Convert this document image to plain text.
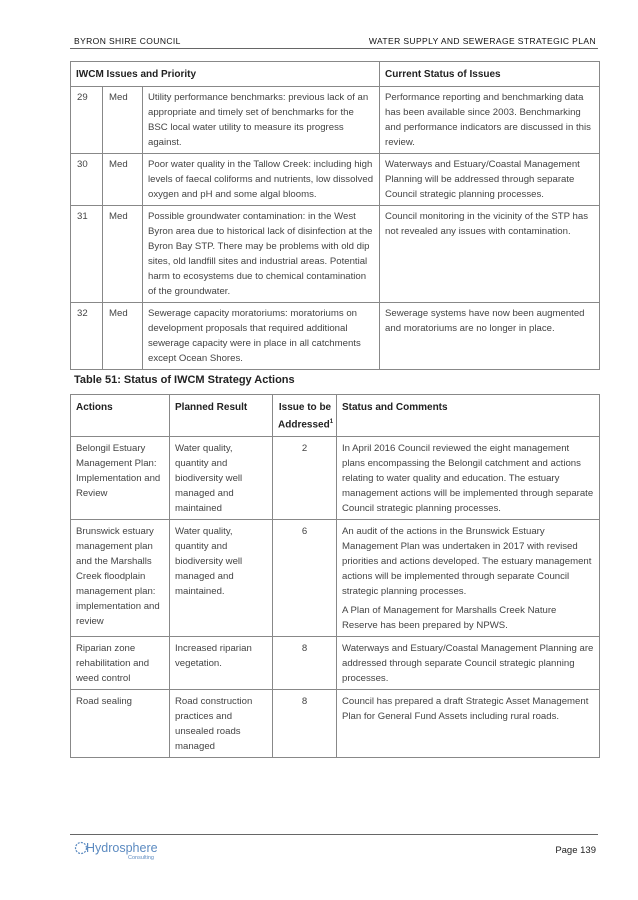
BYRON SHIRE COUNCIL	WATER SUPPLY AND SEWERAGE STRATEGIC PLAN
IWCM Issues and Priority			Current Status of Issues
29	Med	Utility performance benchmarks: previous lack of an appropriate and timely set of benchmarks for the BSC local water utility to measure its progress against.	Performance reporting and benchmarking data has been available since 2003. Benchmarking and performance indicators are discussed in this review.
30	Med	Poor water quality in the Tallow Creek: including high levels of faecal coliforms and nutrients, low dissolved oxygen and pH and some algal blooms.	Waterways and Estuary/Coastal Management Planning will be addressed through separate Council strategic planning processes.
31	Med	Possible groundwater contamination: in the West Byron area due to historical lack of disinfection at the Byron Bay STP. There may be problems with old dip sites, old landfill sites and industrial areas. Potential harm to ecosystems due to chemical contamination of the groundwater.	Council monitoring in the vicinity of the STP has not revealed any issues with contamination.
32	Med	Sewerage capacity moratoriums: moratoriums on development proposals that required additional sewerage capacity were in place in all catchments except Ocean Shores.	Sewerage systems have now been augmented and moratoriums are no longer in place.
Table 51: Status of IWCM Strategy Actions
Actions	Planned Result	Issue to be Addressed$^1$	Status and Comments
Belongil Estuary Management Plan: Implementation and Review	Water quality, quantity and biodiversity well managed and maintained	2	In April 2016 Council reviewed the eight management plans encompassing the Belongil catchment and actions relating to water quality and education. The estuary management actions will be implemented through separate Council strategic planning processes.

Brunswick estuary management plan and the Marshalls Creek floodplain management plan: implementation and review	Water quality, quantity and biodiversity well managed and maintained.	6	An audit of the actions in the Brunswick Estuary Management Plan was undertaken in 2017 with revised priorities and actions developed. The estuary management actions will be implemented through separate Council strategic planning processes.
A Plan of Management for Marshalls Creek Nature Reserve has been prepared by NPWS.

Riparian zone rehabilitation and weed control	Increased riparian vegetation.	8	Waterways and Estuary/Coastal Management Planning are addressed through separate Council strategic planning processes.

Road sealing	Road construction practices and unsealed roads managed	8	Council has prepared a draft Strategic Asset Management Plan for General Fund Assets including rural roads.
Hydrosphere
Consulting
Page 139
